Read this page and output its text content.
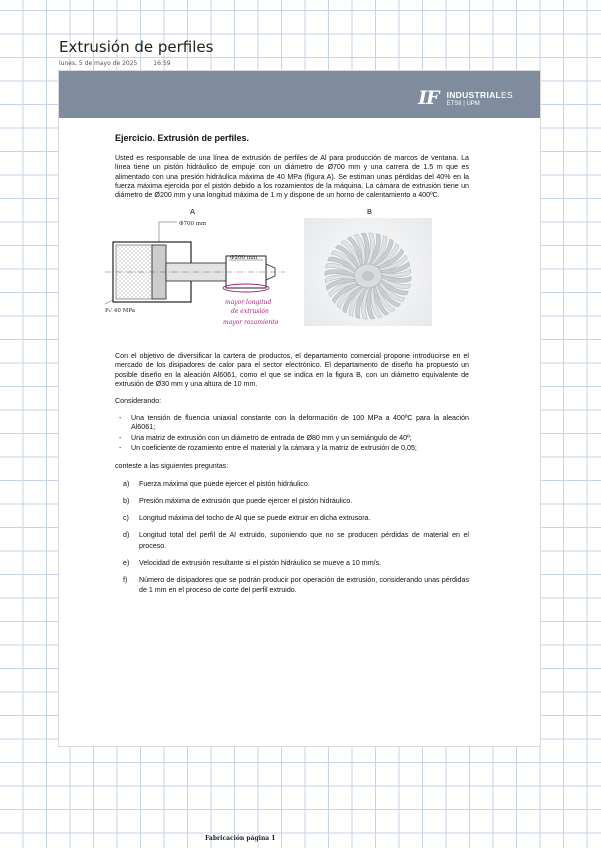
Extrusión de perfiles
lunes, 5 de mayo de 2025	16:59
IF INDUSTRIALES
ETSII | UPM
Ejercicio. Extrusión de perfiles.

Usted es responsable de una línea de extrusión de perfiles de Al para producción de marcos de ventana. La línea tiene un pistón hidráulico de empuje con un diámetro de Ø700 mm y una carrera de 1.5 m que es alimentado con una presión hidráulica máxima de 40 MPa (figura A). Se estiman unas pérdidas del 40% en la fuerza máxima ejercida por el pistón debido a los rozamientos de la máquina. La cámara de extrusión tiene un diámetro de Ø200 mm y una longitud máxima de 1 m y dispone de un horno de calentamiento a 400ºC.

A	B
Φ700 mm
Φ200 mm
Pₕⁱ 40 MPa
mayor longitud
de extrusión
mayor rozamiento

Con el objetivo de diversificar la cartera de productos, el departamento comercial propone introducirse en el mercado de los disipadores de calor para el sector electrónico. El departamento de diseño ha propuesto un posible diseño en la aleación Al6061, como el que se indica en la figura B, con un diámetro equivalente de extrusión de Ø30 mm y una altura de 10 mm.

Considerando:

-	Una tensión de fluencia uniaxial constante con la deformación de 100 MPa a 400ºC para la aleación Al6061;
-	Una matriz de extrusión con un diámetro de entrada de Ø80 mm y un semiángulo de 40º;
-	Un coeficiente de rozamiento entre el material y la cámara y la matriz de extrusión de 0,05;

conteste a las siguientes preguntas:

a)	Fuerza máxima que puede ejercer el pistón hidráulico.
b)	Presión máxima de extrusión que puede ejercer el pistón hidráulico.
c)	Longitud máxima del tocho de Al que se puede extruir en dicha extrusora.
d)	Longitud total del perfil de Al extruido, suponiendo que no se producen pérdidas de material en el proceso.
e)	Velocidad de extrusión resultante si el pistón hidráulico se mueve a 10 mm/s.
f)	Número de disipadores que se podrán producir por operación de extrusión, considerando unas pérdidas de 1 mm en el proceso de corte del perfil extruido.
Fabricación página 1
